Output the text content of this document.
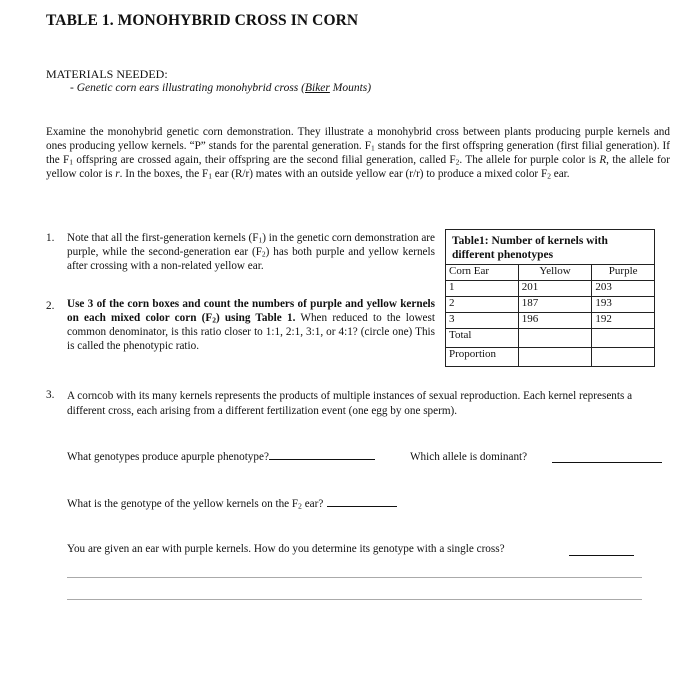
TABLE 1. MONOHYBRID CROSS IN CORN
MATERIALS NEEDED:
- Genetic corn ears illustrating monohybrid cross (Biker Mounts)
Examine the monohybrid genetic corn demonstration. They illustrate a monohybrid cross between plants producing purple kernels and ones producing yellow kernels. “P” stands for the parental generation. $F_1$ stands for the first offspring generation (first filial generation). If the $F_1$ offspring are crossed again, their offspring are the second filial generation, called $F_2$. The allele for purple color is R, the allele for yellow color is r. In the boxes, the $F_1$ ear (R/r) mates with an outside yellow ear (r/r) to produce a mixed color $F_2$ ear.
1. Note that all the first-generation kernels $(F_1)$ in the genetic corn demonstration are purple, while the second-generation ear $(F_2)$ has both purple and yellow kernels after crossing with a non-related yellow ear.
2. Use 3 of the corn boxes and count the numbers of purple and yellow kernels on each mixed color corn $(F_2)$ using Table 1. When reduced to the lowest common denominator, is this ratio closer to 1:1, 2:1, 3:1, or 4:1? (circle one) This is called the phenotypic ratio.
Table1: Number of kernels with different phenotypes		
Corn Ear	Yellow	Purple
1	201	203
2	187	193
3	196	192
Total		
Proportion		
3. A corncob with its many kernels represents the products of multiple instances of sexual reproduction. Each kernel represents a different cross, each arising from a different fertilization event (one egg by one sperm).
What genotypes produce apurple phenotype?	Which allele is dominant?
What is the genotype of the yellow kernels on the $F_2$ ear?
You are given an ear with purple kernels. How do you determine its genotype with a single cross?
